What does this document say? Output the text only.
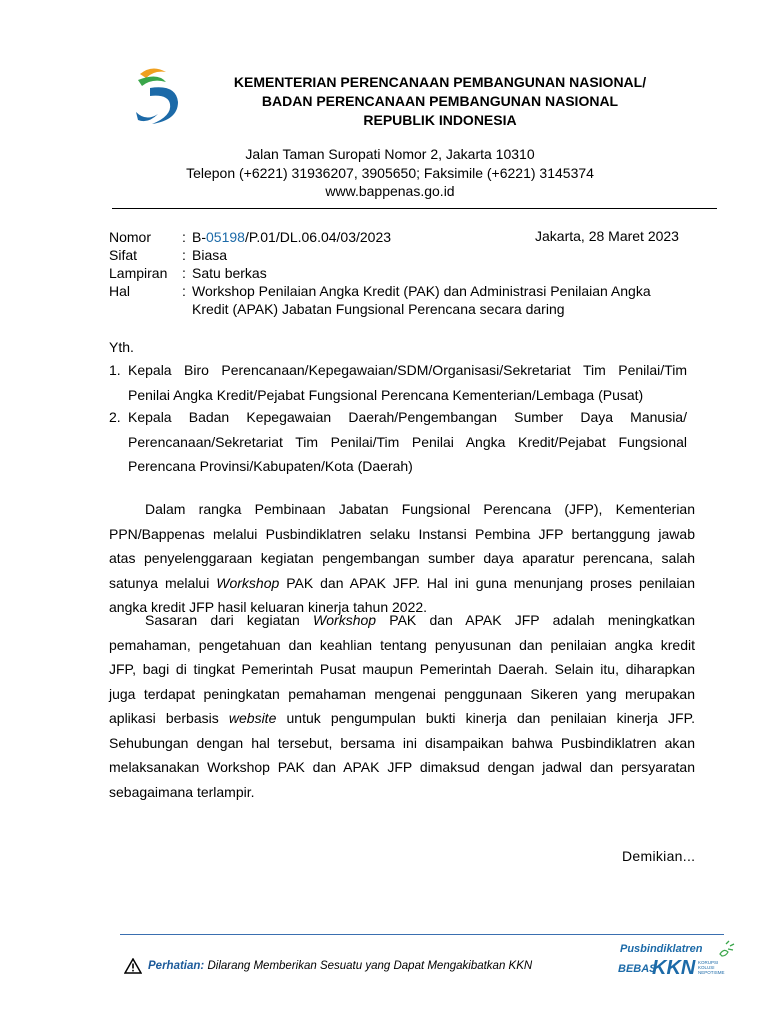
KEMENTERIAN PERENCANAAN PEMBANGUNAN NASIONAL/
BADAN PERENCANAAN PEMBANGUNAN NASIONAL
REPUBLIK INDONESIA
Jalan Taman Suropati Nomor 2, Jakarta 10310
Telepon (+6221) 31936207, 3905650; Faksimile (+6221) 3145374
www.bappenas.go.id
Nomor : B-05198/P.01/DL.06.04/03/2023	Jakarta, 28 Maret 2023
Sifat	: Biasa
Lampiran : Satu berkas
Hal	: Workshop Penilaian Angka Kredit (PAK) dan Administrasi Penilaian Angka
Kredit (APAK) Jabatan Fungsional Perencana secara daring
Yth.
1. Kepala Biro Perencanaan/Kepegawaian/SDM/Organisasi/Sekretariat Tim Penilai/Tim
Penilai Angka Kredit/Pejabat Fungsional Perencana Kementerian/Lembaga (Pusat)
2. Kepala Badan Kepegawaian Daerah/Pengembangan Sumber Daya Manusia/
Perencanaan/Sekretariat Tim Penilai/Tim Penilai Angka Kredit/Pejabat Fungsional
Perencana Provinsi/Kabupaten/Kota (Daerah)
Dalam rangka Pembinaan Jabatan Fungsional Perencana (JFP), Kementerian
PPN/Bappenas melalui Pusbindiklatren selaku Instansi Pembina JFP bertanggung jawab
atas penyelenggaraan kegiatan pengembangan sumber daya aparatur perencana, salah
satunya melalui Workshop PAK dan APAK JFP. Hal ini guna menunjang proses penilaian
angka kredit JFP hasil keluaran kinerja tahun 2022.
Sasaran dari kegiatan Workshop PAK dan APAK JFP adalah meningkatkan
pemahaman, pengetahuan dan keahlian tentang penyusunan dan penilaian angka kredit
JFP, bagi di tingkat Pemerintah Pusat maupun Pemerintah Daerah. Selain itu, diharapkan
juga terdapat peningkatan pemahaman mengenai penggunaan Sikeren yang merupakan
aplikasi berbasis website untuk pengumpulan bukti kinerja dan penilaian kinerja JFP.
Sehubungan dengan hal tersebut, bersama ini disampaikan bahwa Pusbindiklatren akan
melaksanakan Workshop PAK dan APAK JFP dimaksud dengan jadwal dan persyaratan
sebagaimana terlampir.
Demikian...
Perhatian: Dilarang Memberikan Sesuatu yang Dapat Mengakibatkan KKN
Pusbindiklatren
BEBAS
KKN KORUPSI
KOLUSI
NEPOTISME
